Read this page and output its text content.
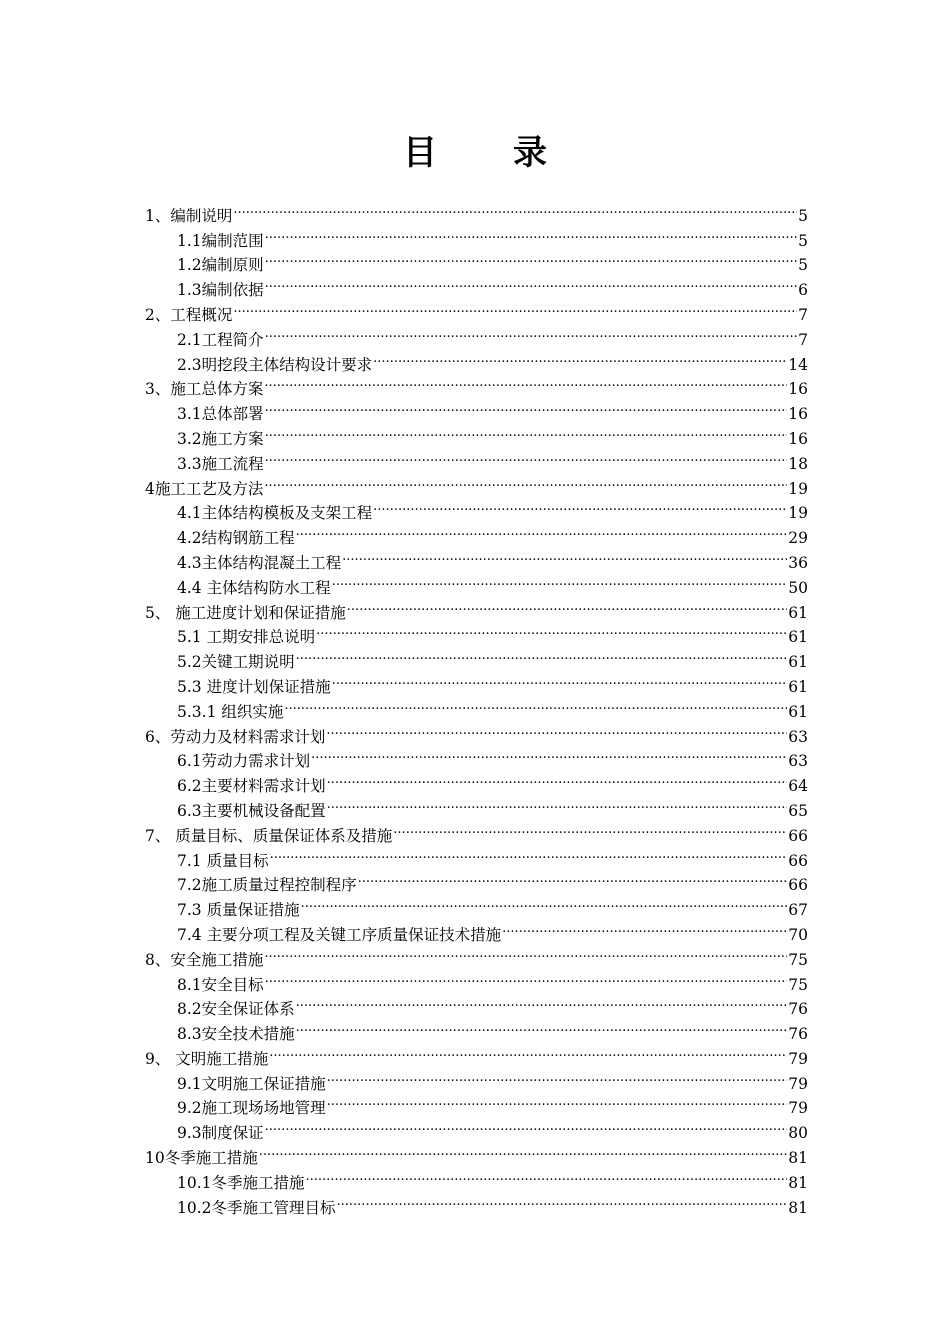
目 录
1、编制说明 .....	5
1.1编制范围 .....	5
1.2编制原则 .....	5
1.3编制依据 .....	6
2、工程概况 .....	7
2.1工程简介 .....	7
2.3明挖段主体结构设计要求 .....	14
3、施工总体方案 .....	16
3.1总体部署 .....	16
3.2施工方案 .....	16
3.3施工流程 .....	18
4施工工艺及方法 .....	19
4.1主体结构模板及支架工程 .....	19
4.2结构钢筋工程 .....	29
4.3主体结构混凝土工程 .....	36
4.4 主体结构防水工程 .....	50
5、 施工进度计划和保证措施 .....	61
5.1 工期安排总说明 .....	61
5.2关键工期说明 .....	61
5.3 进度计划保证措施 .....	61
5.3.1 组织实施 .....	61
6、劳动力及材料需求计划 .....	63
6.1劳动力需求计划 .....	63
6.2主要材料需求计划 .....	64
6.3主要机械设备配置 .....	65
7、 质量目标、质量保证体系及措施 .....	66
7.1 质量目标 .....	66
7.2施工质量过程控制程序 .....	66
7.3 质量保证措施 .....	67
7.4 主要分项工程及关键工序质量保证技术措施 .....	70
8、安全施工措施 .....	75
8.1安全目标 .....	75
8.2安全保证体系 .....	76
8.3安全技术措施 .....	76
9、 文明施工措施 .....	79
9.1文明施工保证措施 .....	79
9.2施工现场场地管理 .....	79
9.3制度保证 .....	80
10冬季施工措施 .....	81
10.1冬季施工措施 .....	81
10.2冬季施工管理目标 .....	81
